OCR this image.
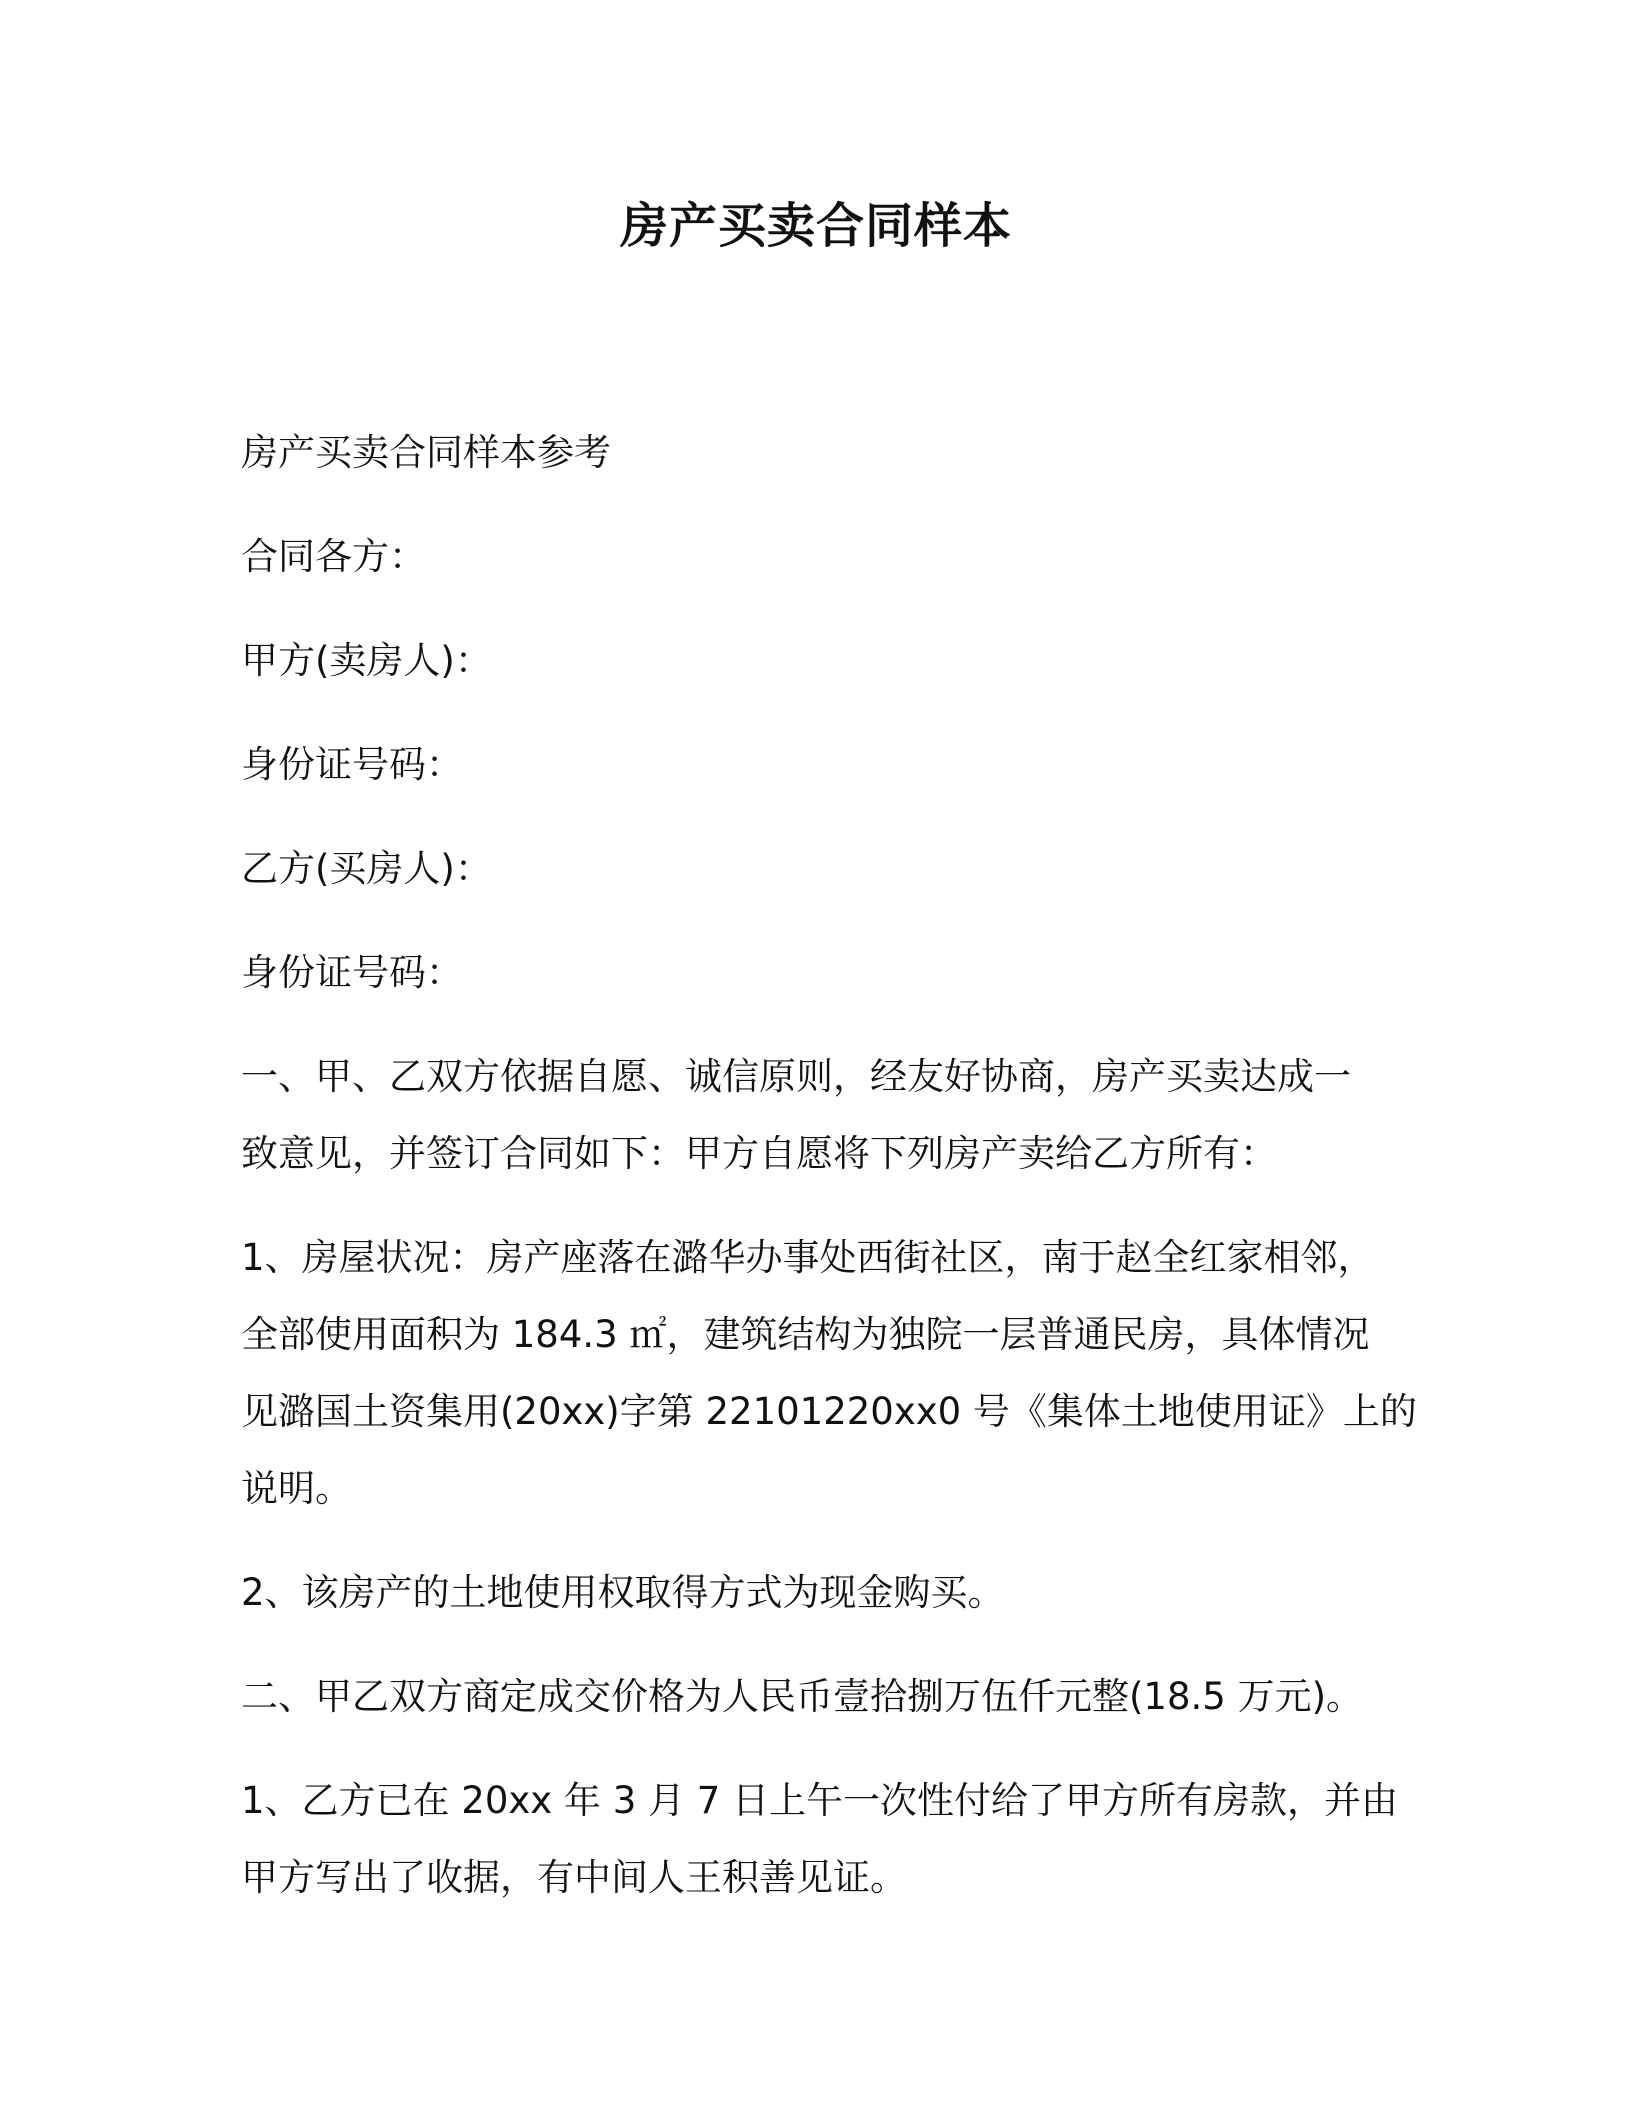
房产买卖合同样本

房产买卖合同样本参考

合同各方：

甲方(卖房人)：

身份证号码：

乙方(买房人)：

身份证号码：

一、甲、乙双方依据自愿、诚信原则，经友好协商，房产买卖达成一
致意见，并签订合同如下：甲方自愿将下列房产卖给乙方所有：

1、房屋状况：房产座落在潞华办事处西街社区，南于赵全红家相邻，
全部使用面积为 184.3 ㎡，建筑结构为独院一层普通民房，具体情况
见潞国土资集用(20xx)字第 22101220xx0 号《集体土地使用证》上的
说明。

2、该房产的土地使用权取得方式为现金购买。

二、甲乙双方商定成交价格为人民币壹拾捌万伍仟元整(18.5 万元)。

1、乙方已在 20xx 年 3 月 7 日上午一次性付给了甲方所有房款，并由
甲方写出了收据，有中间人王积善见证。
